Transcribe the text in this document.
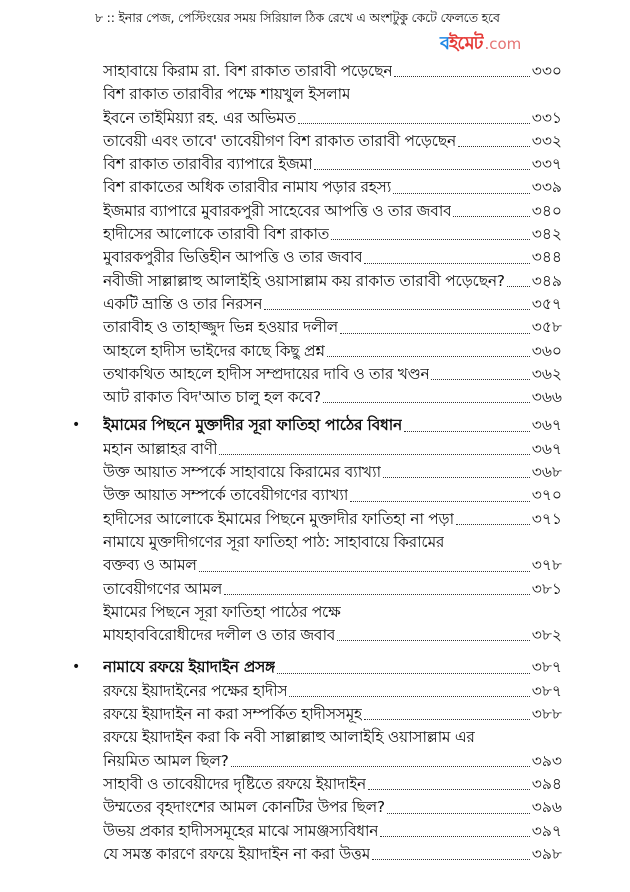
৮ :: ইনার পেজ, পেস্টিংয়ের সময় সিরিয়াল ঠিক রেখে এ অংশটুকু কেটে ফেলতে হবে
বইমেট .com
সাহাবায়ে কিরাম রা. বিশ রাকাত তারাবী পড়েছেন	৩৩০
বিশ রাকাত তারাবীর পক্ষে শায়খুল ইসলাম
ইবনে তাইমিয়্যা রহ. এর অভিমত	৩৩১
তাবেয়ী এবং তাবে' তাবেয়ীগণ বিশ রাকাত তারাবী পড়েছেন	৩৩২
বিশ রাকাত তারাবীর ব্যাপারে ইজমা	৩৩৭
বিশ রাকাতের অধিক তারাবীর নামায পড়ার রহস্য	৩৩৯
ইজমার ব্যাপারে মুবারকপুরী সাহেবের আপত্তি ও তার জবাব	৩৪০
হাদীসের আলোকে তারাবী বিশ রাকাত	৩৪২
মুবারকপুরীর ভিত্তিহীন আপত্তি ও তার জবাব	৩৪৪
নবীজী সাল্লাল্লাহু আলাইহি ওয়াসাল্লাম কয় রাকাত তারাবী পড়েছেন? ৩৪৯
একটি ভ্রান্তি ও তার নিরসন	৩৫৭
তারাবীহ ও তাহাজ্জুদ ভিন্ন হওয়ার দলীল	৩৫৮
আহলে হাদীস ভাইদের কাছে কিছু প্রশ্ন	৩৬০
তথাকথিত আহলে হাদীস সম্প্রদায়ের দাবি ও তার খণ্ডন	৩৬২
আট রাকাত বিদ'আত চালু হল কবে?	৩৬৬
•	ইমামের পিছনে মুক্তাদীর সূরা ফাতিহা পাঠের বিধান	৩৬৭
মহান আল্লাহর বাণী	৩৬৭
উক্ত আয়াত সম্পর্কে সাহাবায়ে কিরামের ব্যাখ্যা	৩৬৮
উক্ত আয়াত সম্পর্কে তাবেয়ীগণের ব্যাখ্যা	৩৭০
হাদীসের আলোকে ইমামের পিছনে মুক্তাদীর ফাতিহা না পড়া	৩৭১
নামাযে মুক্তাদীগণের সূরা ফাতিহা পাঠ: সাহাবায়ে কিরামের
বক্তব্য ও আমল	৩৭৮
তাবেয়ীগণের আমল	৩৮১
ইমামের পিছনে সূরা ফাতিহা পাঠের পক্ষে
মাযহাববিরোধীদের দলীল ও তার জবাব	৩৮২
•	নামাযে রফয়ে ইয়াদাইন প্রসঙ্গ	৩৮৭
রফয়ে ইয়াদাইনের পক্ষের হাদীস	৩৮৭
রফয়ে ইয়াদাইন না করা সম্পর্কিত হাদীসসমূহ	৩৮৮
রফয়ে ইয়াদাইন করা কি নবী সাল্লাল্লাহু আলাইহি ওয়াসাল্লাম এর
নিয়মিত আমল ছিল?	৩৯৩
সাহাবী ও তাবেয়ীদের দৃষ্টিতে রফয়ে ইয়াদাইন	৩৯৪
উম্মতের বৃহদাংশের আমল কোনটির উপর ছিল?	৩৯৬
উভয় প্রকার হাদীসসমূহের মাঝে সামঞ্জস্যবিধান	৩৯৭
যে সমস্ত কারণে রফয়ে ইয়াদাইন না করা উত্তম	৩৯৮
